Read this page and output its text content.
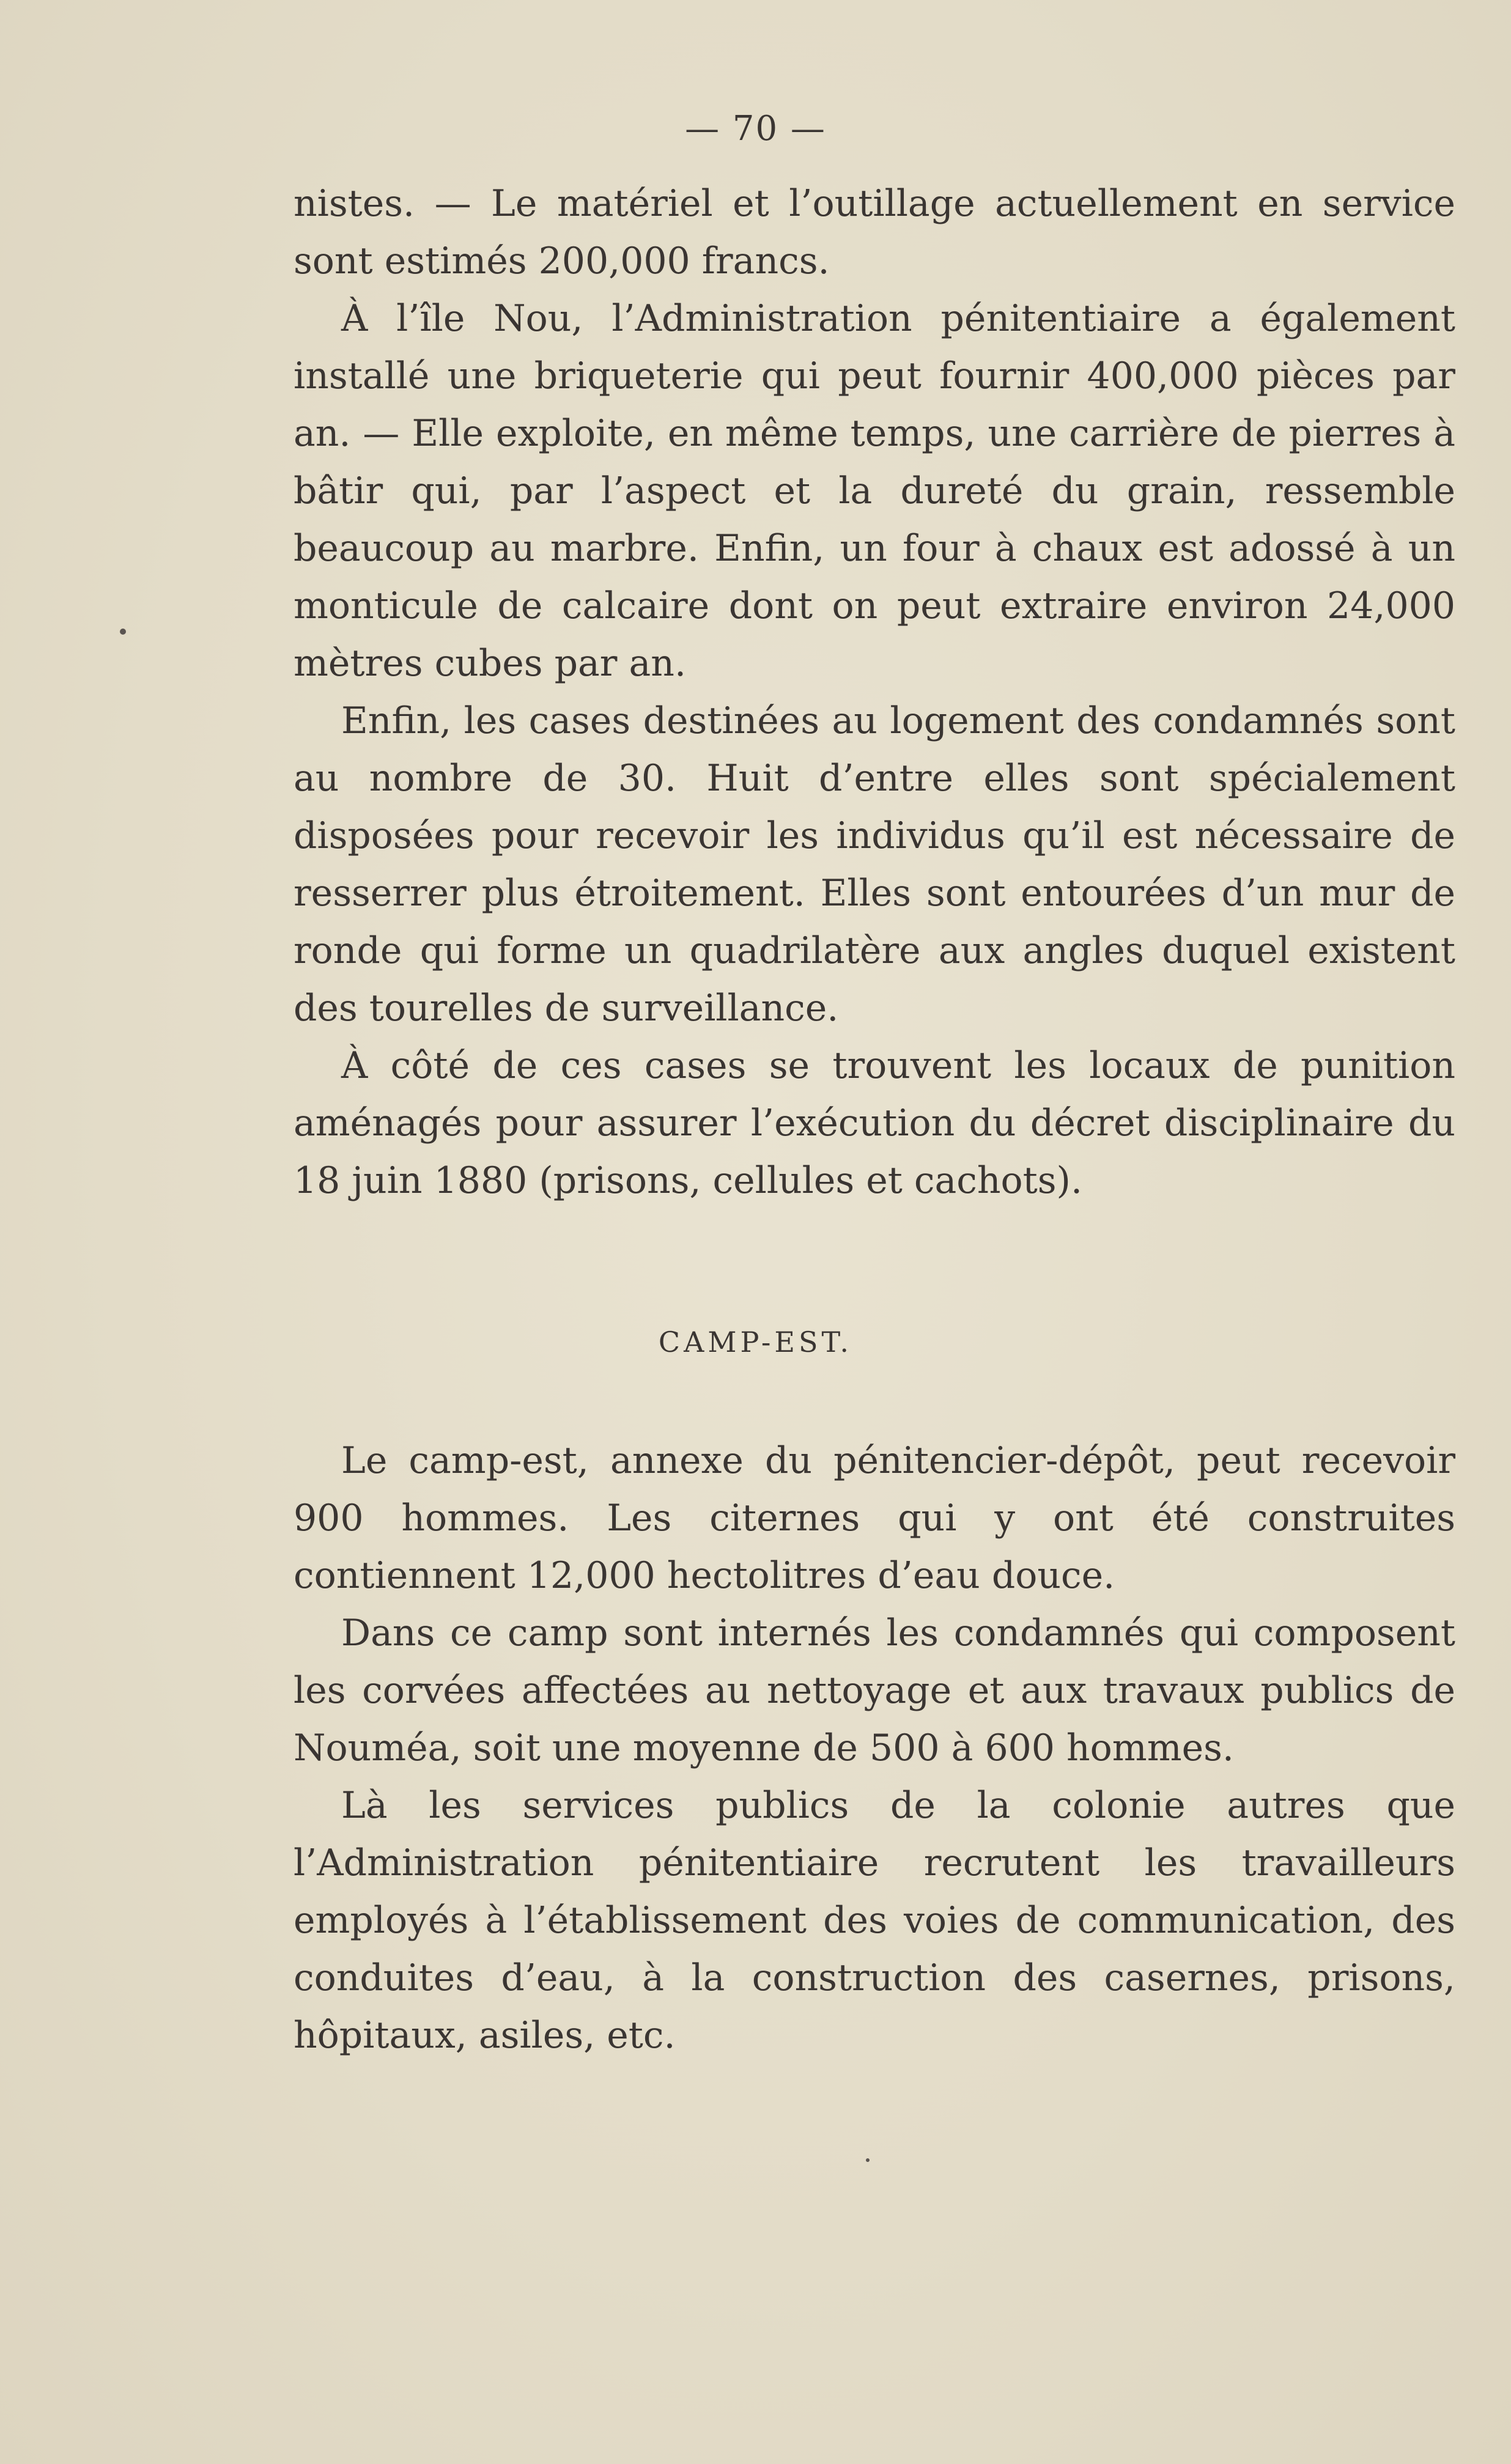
— 70 —

nistes. — Le matériel et l’outillage actuellement en service sont estimés 200,000 francs.

À l’île Nou, l’Administration pénitentiaire a également installé une briqueterie qui peut fournir 400,000 pièces par an. — Elle exploite, en même temps, une carrière de pierres à bâtir qui, par l’aspect et la dureté du grain, ressemble beaucoup au marbre. Enfin, un four à chaux est adossé à un monticule de calcaire dont on peut extraire environ 24,000 mètres cubes par an.

Enfin, les cases destinées au logement des condamnés sont au nombre de 30. Huit d’entre elles sont spécialement disposées pour recevoir les individus qu’il est nécessaire de resserrer plus étroitement. Elles sont entourées d’un mur de ronde qui forme un quadrilatère aux angles duquel existent des tourelles de surveillance.

À côté de ces cases se trouvent les locaux de punition aménagés pour assurer l’exécution du décret disciplinaire du 18 juin 1880 (prisons, cellules et cachots).

CAMP-EST.

Le camp-est, annexe du pénitencier-dépôt, peut recevoir 900 hommes. Les citernes qui y ont été construites contiennent 12,000 hectolitres d’eau douce.

Dans ce camp sont internés les condamnés qui composent les corvées affectées au nettoyage et aux travaux publics de Nouméa, soit une moyenne de 500 à 600 hommes.

Là les services publics de la colonie autres que l’Administration pénitentiaire recrutent les travailleurs employés à l’établissement des voies de communication, des conduites d’eau, à la construction des casernes, prisons, hôpitaux, asiles, etc.
